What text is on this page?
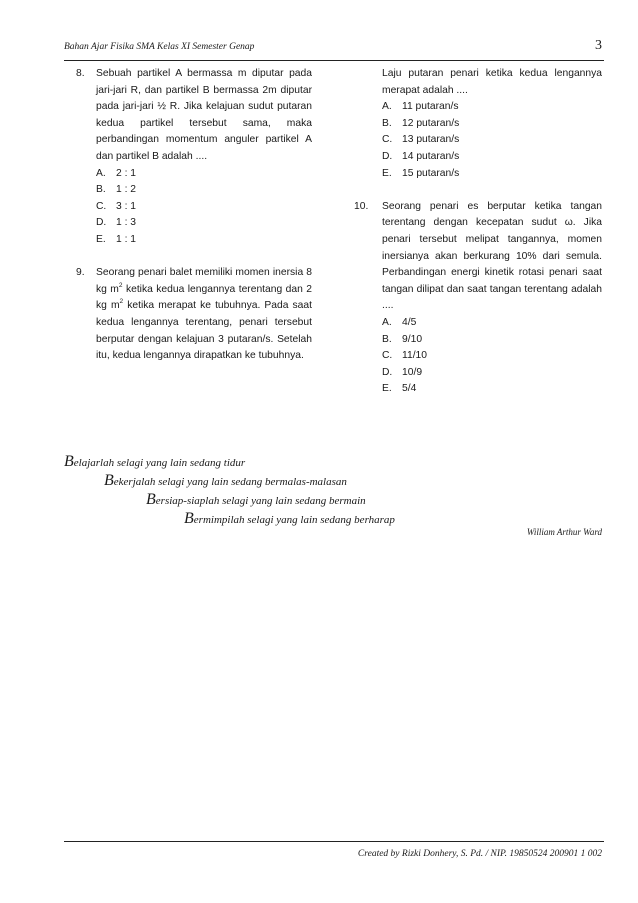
Bahan Ajar Fisika SMA Kelas XI Semester Genap	3
8. Sebuah partikel A bermassa m diputar pada jari-jari R, dan partikel B bermassa 2m diputar pada jari-jari ½ R. Jika kelajuan sudut putaran kedua partikel tersebut sama, maka perbandingan momentum anguler partikel A dan partikel B adalah ....
A. 2 : 1
B. 1 : 2
C. 3 : 1
D. 1 : 3
E. 1 : 1
9. Seorang penari balet memiliki momen inersia 8 kg $m^2$ ketika kedua lengannya terentang dan 2 kg $m^2$ ketika merapat ke tubuhnya. Pada saat kedua lengannya terentang, penari tersebut berputar dengan kelajuan 3 putaran/s. Setelah itu, kedua lengannya dirapatkan ke tubuhnya.
Laju putaran penari ketika kedua lengannya merapat adalah ....
A. 11 putaran/s
B. 12 putaran/s
C. 13 putaran/s
D. 14 putaran/s
E. 15 putaran/s
10. Seorang penari es berputar ketika tangan terentang dengan kecepatan sudut ω. Jika penari tersebut melipat tangannya, momen inersianya akan berkurang 10% dari semula. Perbandingan energi kinetik rotasi penari saat tangan dilipat dan saat tangan terentang adalah ....
A. 4/5
B. 9/10
C. 11/10
D. 10/9
E. 5/4
Belajarlah selagi yang lain sedang tidur
Bekerjalah selagi yang lain sedang bermalas-malasan
Bersiap-siaplah selagi yang lain sedang bermain
Bermimpilah selagi yang lain sedang berharap
William Arthur Ward
Created by Rizki Donhery, S. Pd. / NIP. 19850524 200901 1 002
